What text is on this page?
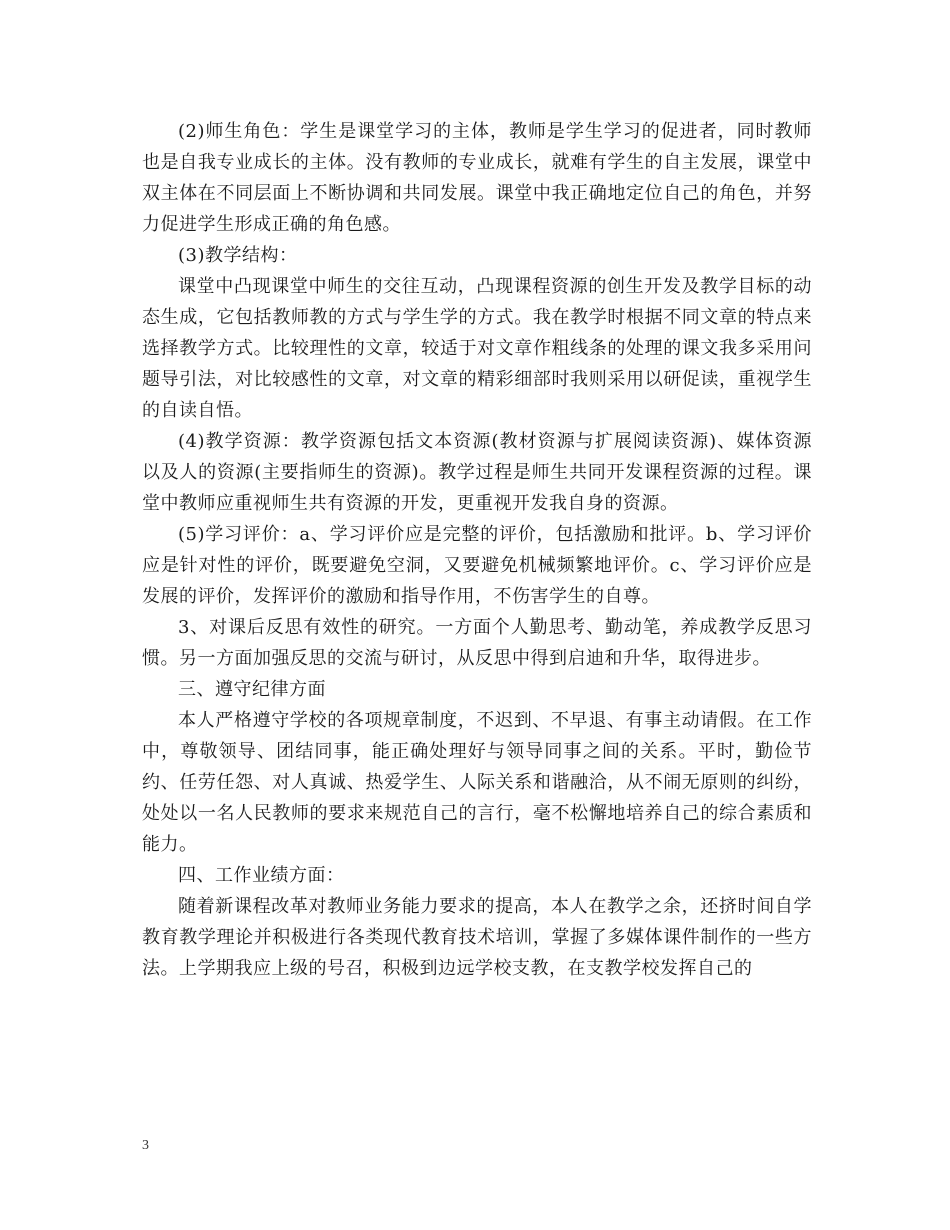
(2)师生角色：学生是课堂学习的主体，教师是学生学习的促进者，同时教师也是自我专业成长的主体。没有教师的专业成长，就难有学生的自主发展，课堂中双主体在不同层面上不断协调和共同发展。课堂中我正确地定位自己的角色，并努力促进学生形成正确的角色感。

(3)教学结构：

课堂中凸现课堂中师生的交往互动，凸现课程资源的创生开发及教学目标的动态生成，它包括教师教的方式与学生学的方式。我在教学时根据不同文章的特点来选择教学方式。比较理性的文章，较适于对文章作粗线条的处理的课文我多采用问题导引法，对比较感性的文章，对文章的精彩细部时我则采用以研促读，重视学生的自读自悟。

(4)教学资源：教学资源包括文本资源(教材资源与扩展阅读资源)、媒体资源以及人的资源(主要指师生的资源)。教学过程是师生共同开发课程资源的过程。课堂中教师应重视师生共有资源的开发，更重视开发我自身的资源。

(5)学习评价：a、学习评价应是完整的评价，包括激励和批评。b、学习评价应是针对性的评价，既要避免空洞，又要避免机械频繁地评价。c、学习评价应是发展的评价，发挥评价的激励和指导作用，不伤害学生的自尊。

3、对课后反思有效性的研究。一方面个人勤思考、勤动笔，养成教学反思习惯。另一方面加强反思的交流与研讨，从反思中得到启迪和升华，取得进步。

三、遵守纪律方面

本人严格遵守学校的各项规章制度，不迟到、不早退、有事主动请假。在工作中，尊敬领导、团结同事，能正确处理好与领导同事之间的关系。平时，勤俭节约、任劳任怨、对人真诚、热爱学生、人际关系和谐融洽，从不闹无原则的纠纷，处处以一名人民教师的要求来规范自己的言行，毫不松懈地培养自己的综合素质和能力。

四、工作业绩方面：

随着新课程改革对教师业务能力要求的提高，本人在教学之余，还挤时间自学教育教学理论并积极进行各类现代教育技术培训，掌握了多媒体课件制作的一些方法。上学期我应上级的号召，积极到边远学校支教，在支教学校发挥自己的

3
